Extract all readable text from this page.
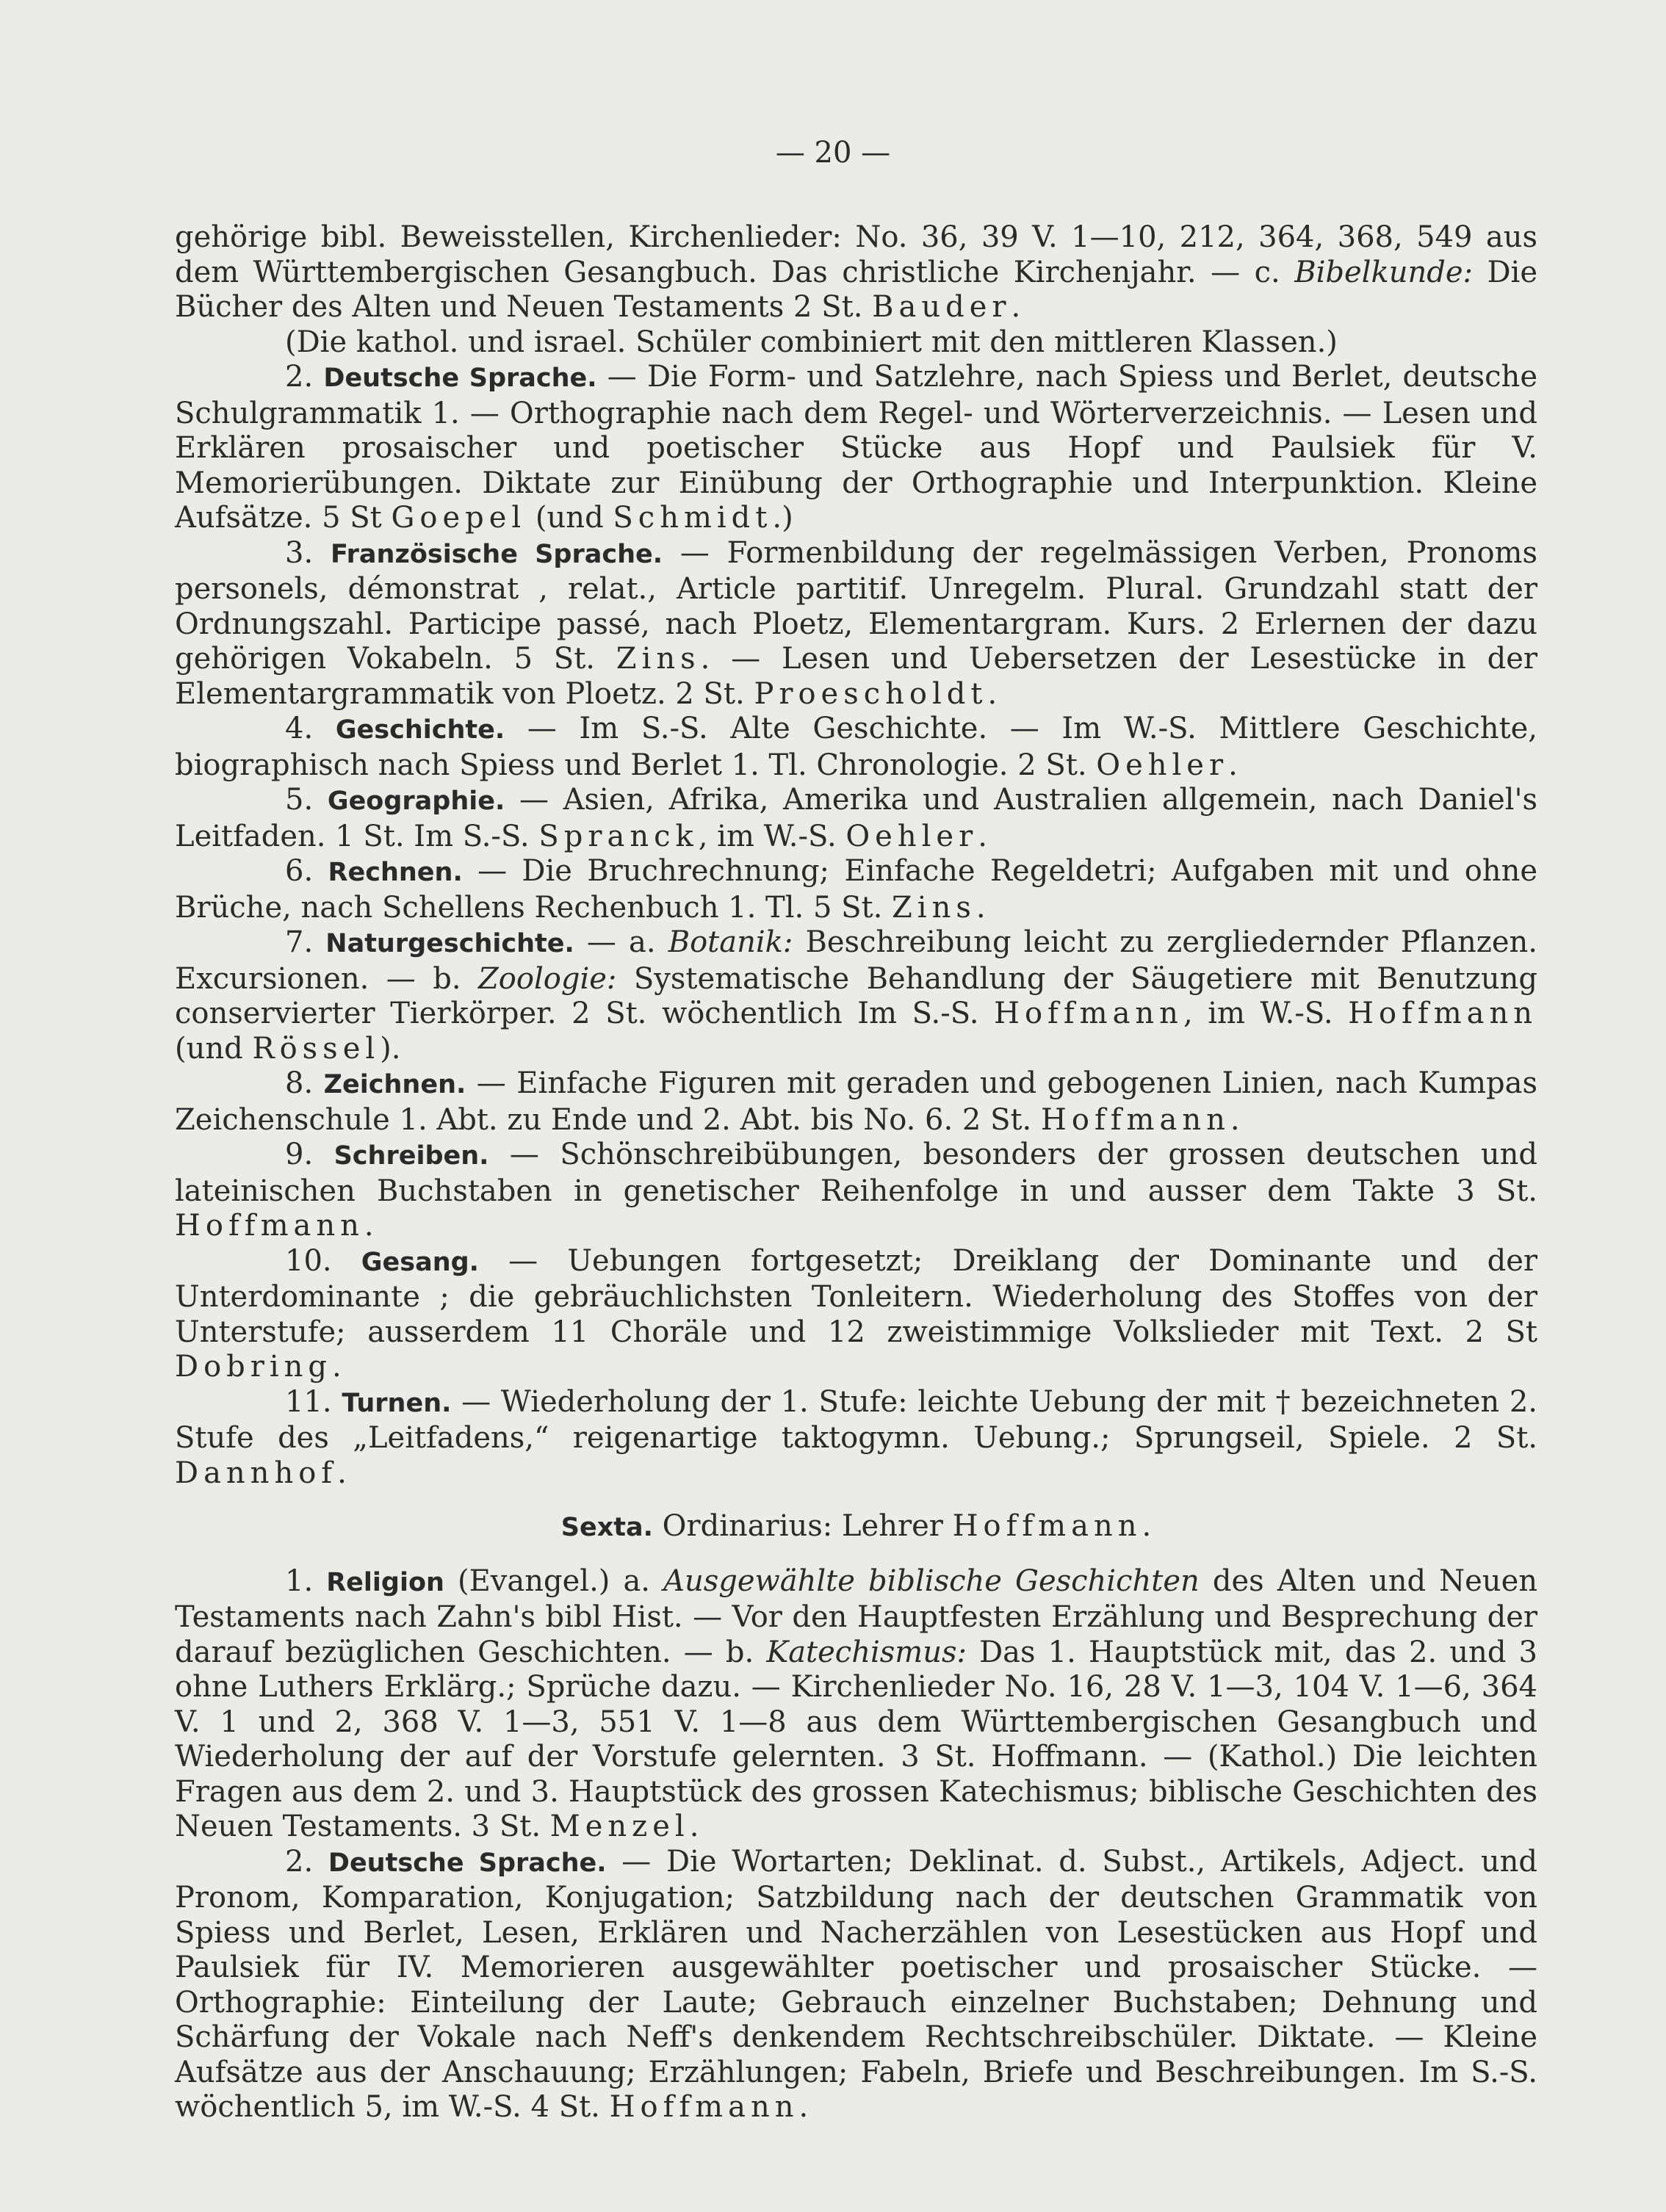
— 20 —

gehörige bibl. Beweisstellen, Kirchenlieder: No. 36, 39 V. 1—10, 212, 364, 368, 549 aus dem Württembergischen Gesangbuch. Das christliche Kirchenjahr. — c. Bibelkunde: Die Bücher des Alten und Neuen Testaments 2 St. Bauder.

(Die kathol. und israel. Schüler combiniert mit den mittleren Klassen.)

2. Deutsche Sprache. — Die Form- und Satzlehre, nach Spiess und Berlet, deutsche Schulgrammatik 1. — Orthographie nach dem Regel- und Wörterverzeichnis. — Lesen und Erklären prosaischer und poetischer Stücke aus Hopf und Paulsiek für V. Memorierübungen. Diktate zur Einübung der Orthographie und Interpunktion. Kleine Aufsätze. 5 St Goepel (und Schmidt.)

3. Französische Sprache. — Formenbildung der regelmässigen Verben, Pronoms personels, démonstrat , relat., Article partitif. Unregelm. Plural. Grundzahl statt der Ordnungszahl. Participe passé, nach Ploetz, Elementargram. Kurs. 2 Erlernen der dazu gehörigen Vokabeln. 5 St. Zins. — Lesen und Uebersetzen der Lesestücke in der Elementargrammatik von Ploetz. 2 St. Proescholdt.

4. Geschichte. — Im S.-S. Alte Geschichte. — Im W.-S. Mittlere Geschichte, biographisch nach Spiess und Berlet 1. Tl. Chronologie. 2 St. Oehler.

5. Geographie. — Asien, Afrika, Amerika und Australien allgemein, nach Daniel's Leitfaden. 1 St. Im S.-S. Spranck, im W.-S. Oehler.

6. Rechnen. — Die Bruchrechnung; Einfache Regeldetri; Aufgaben mit und ohne Brüche, nach Schellens Rechenbuch 1. Tl. 5 St. Zins.

7. Naturgeschichte. — a. Botanik: Beschreibung leicht zu zergliedernder Pflanzen. Excursionen. — b. Zoologie: Systematische Behandlung der Säugetiere mit Benutzung conservierter Tierkörper. 2 St. wöchentlich Im S.-S. Hoffmann, im W.-S. Hoffmann (und Rössel).

8. Zeichnen. — Einfache Figuren mit geraden und gebogenen Linien, nach Kumpas Zeichenschule 1. Abt. zu Ende und 2. Abt. bis No. 6. 2 St. Hoffmann.

9. Schreiben. — Schönschreibübungen, besonders der grossen deutschen und lateinischen Buchstaben in genetischer Reihenfolge in und ausser dem Takte 3 St. Hoffmann.

10. Gesang. — Uebungen fortgesetzt; Dreiklang der Dominante und der Unterdominante ; die gebräuchlichsten Tonleitern. Wiederholung des Stoffes von der Unterstufe; ausserdem 11 Choräle und 12 zweistimmige Volkslieder mit Text. 2 St Dobring.

11. Turnen. — Wiederholung der 1. Stufe: leichte Uebung der mit † bezeichneten 2. Stufe des „Leitfadens,“ reigenartige taktogymn. Uebung.; Sprungseil, Spiele. 2 St. Dannhof.

Sexta. Ordinarius: Lehrer Hoffmann.

1. Religion (Evangel.) a. Ausgewählte biblische Geschichten des Alten und Neuen Testaments nach Zahn's bibl Hist. — Vor den Hauptfesten Erzählung und Besprechung der darauf bezüglichen Geschichten. — b. Katechismus: Das 1. Hauptstück mit, das 2. und 3 ohne Luthers Erklärg.; Sprüche dazu. — Kirchenlieder No. 16, 28 V. 1—3, 104 V. 1—6, 364 V. 1 und 2, 368 V. 1—3, 551 V. 1—8 aus dem Württembergischen Gesangbuch und Wiederholung der auf der Vorstufe gelernten. 3 St. Hoffmann. — (Kathol.) Die leichten Fragen aus dem 2. und 3. Hauptstück des grossen Katechismus; biblische Geschichten des Neuen Testaments. 3 St. Menzel.

2. Deutsche Sprache. — Die Wortarten; Deklinat. d. Subst., Artikels, Adject. und Pronom, Komparation, Konjugation; Satzbildung nach der deutschen Grammatik von Spiess und Berlet, Lesen, Erklären und Nacherzählen von Lesestücken aus Hopf und Paulsiek für IV. Memorieren ausgewählter poetischer und prosaischer Stücke. — Orthographie: Einteilung der Laute; Gebrauch einzelner Buchstaben; Dehnung und Schärfung der Vokale nach Neff's denkendem Rechtschreibschüler. Diktate. — Kleine Aufsätze aus der Anschauung; Erzählungen; Fabeln, Briefe und Beschreibungen. Im S.-S. wöchentlich 5, im W.-S. 4 St. Hoffmann.
